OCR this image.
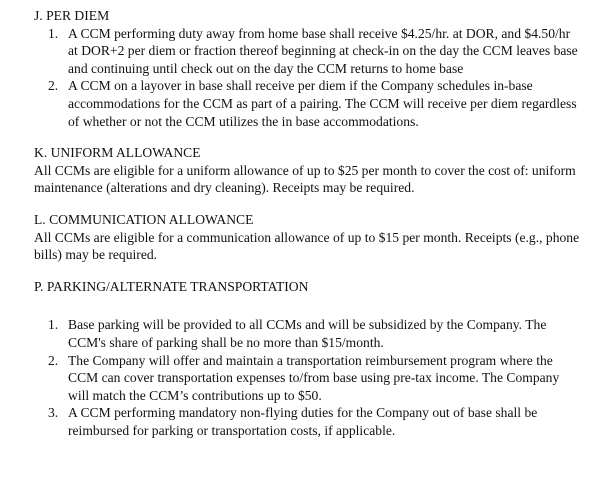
J. PER DIEM
1. A CCM performing duty away from home base shall receive $4.25/hr. at DOR, and $4.50/hr at DOR+2 per diem or fraction thereof beginning at check-in on the day the CCM leaves base and continuing until check out on the day the CCM returns to home base
2. A CCM on a layover in base shall receive per diem if the Company schedules in-base accommodations for the CCM as part of a pairing. The CCM will receive per diem regardless of whether or not the CCM utilizes the in base accommodations.
K. UNIFORM ALLOWANCE

All CCMs are eligible for a uniform allowance of up to $25 per month to cover the cost of: uniform maintenance (alterations and dry cleaning). Receipts may be required.

L. COMMUNICATION ALLOWANCE

All CCMs are eligible for a communication allowance of up to $15 per month. Receipts (e.g., phone bills) may be required.

P. PARKING/ALTERNATE TRANSPORTATION
1. Base parking will be provided to all CCMs and will be subsidized by the Company. The CCM's share of parking shall be no more than $15/month.
2. The Company will offer and maintain a transportation reimbursement program where the CCM can cover transportation expenses to/from base using pre-tax income. The Company will match the CCM’s contributions up to $50.
3. A CCM performing mandatory non-flying duties for the Company out of base shall be reimbursed for parking or transportation costs, if applicable.
